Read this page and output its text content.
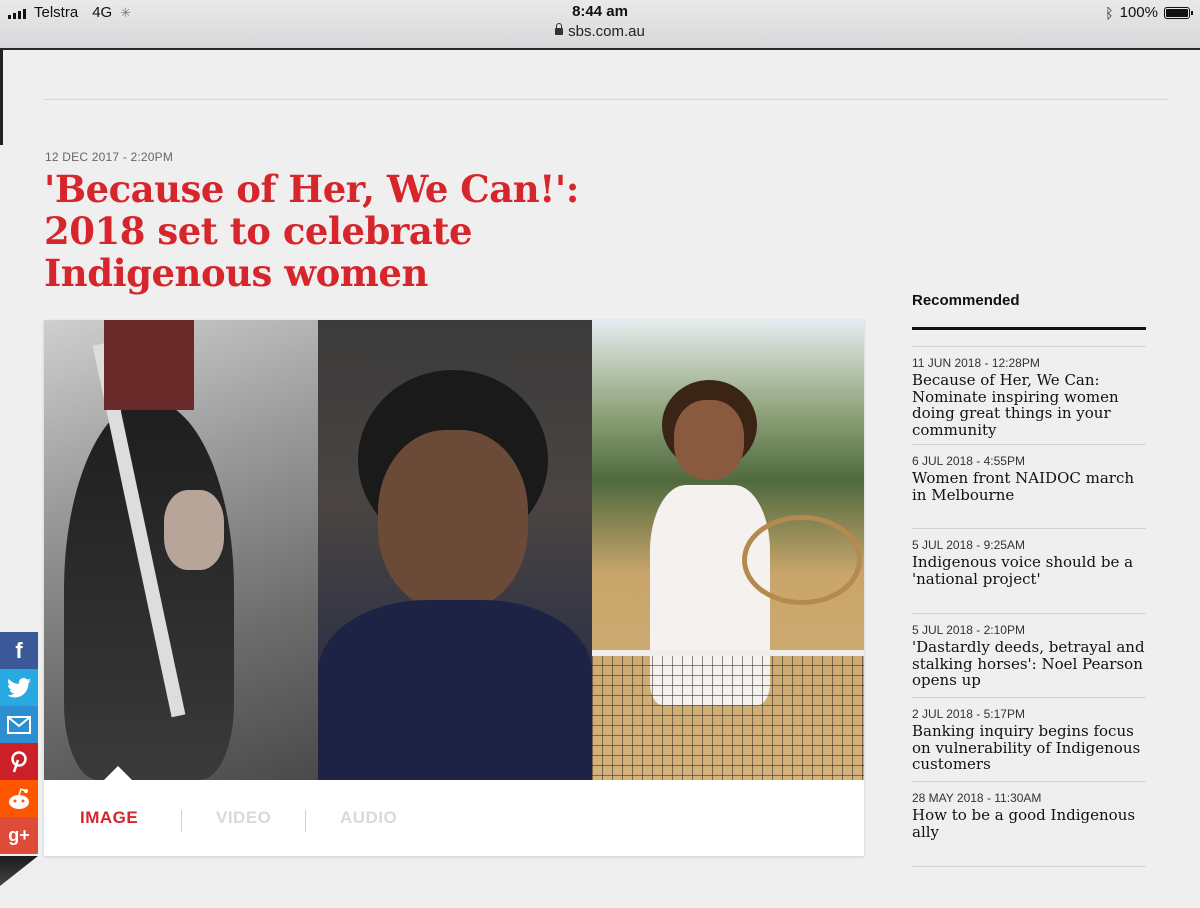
Telstra 4G ✳	8:44 am
sbs.com.au
ᛒ 100%
12 DEC 2017 - 2:20PM
'Because of Her, We Can!': 2018 set to celebrate Indigenous women
IMAGE	VIDEO	AUDIO
f
g+
Recommended
11 JUN 2018 - 12:28PM
Because of Her, We Can: Nominate inspiring women doing great things in your community
6 JUL 2018 - 4:55PM
Women front NAIDOC march in Melbourne
5 JUL 2018 - 9:25AM
Indigenous voice should be a 'national project'
5 JUL 2018 - 2:10PM
'Dastardly deeds, betrayal and stalking horses': Noel Pearson opens up
2 JUL 2018 - 5:17PM
Banking inquiry begins focus on vulnerability of Indigenous customers
28 MAY 2018 - 11:30AM
How to be a good Indigenous ally
